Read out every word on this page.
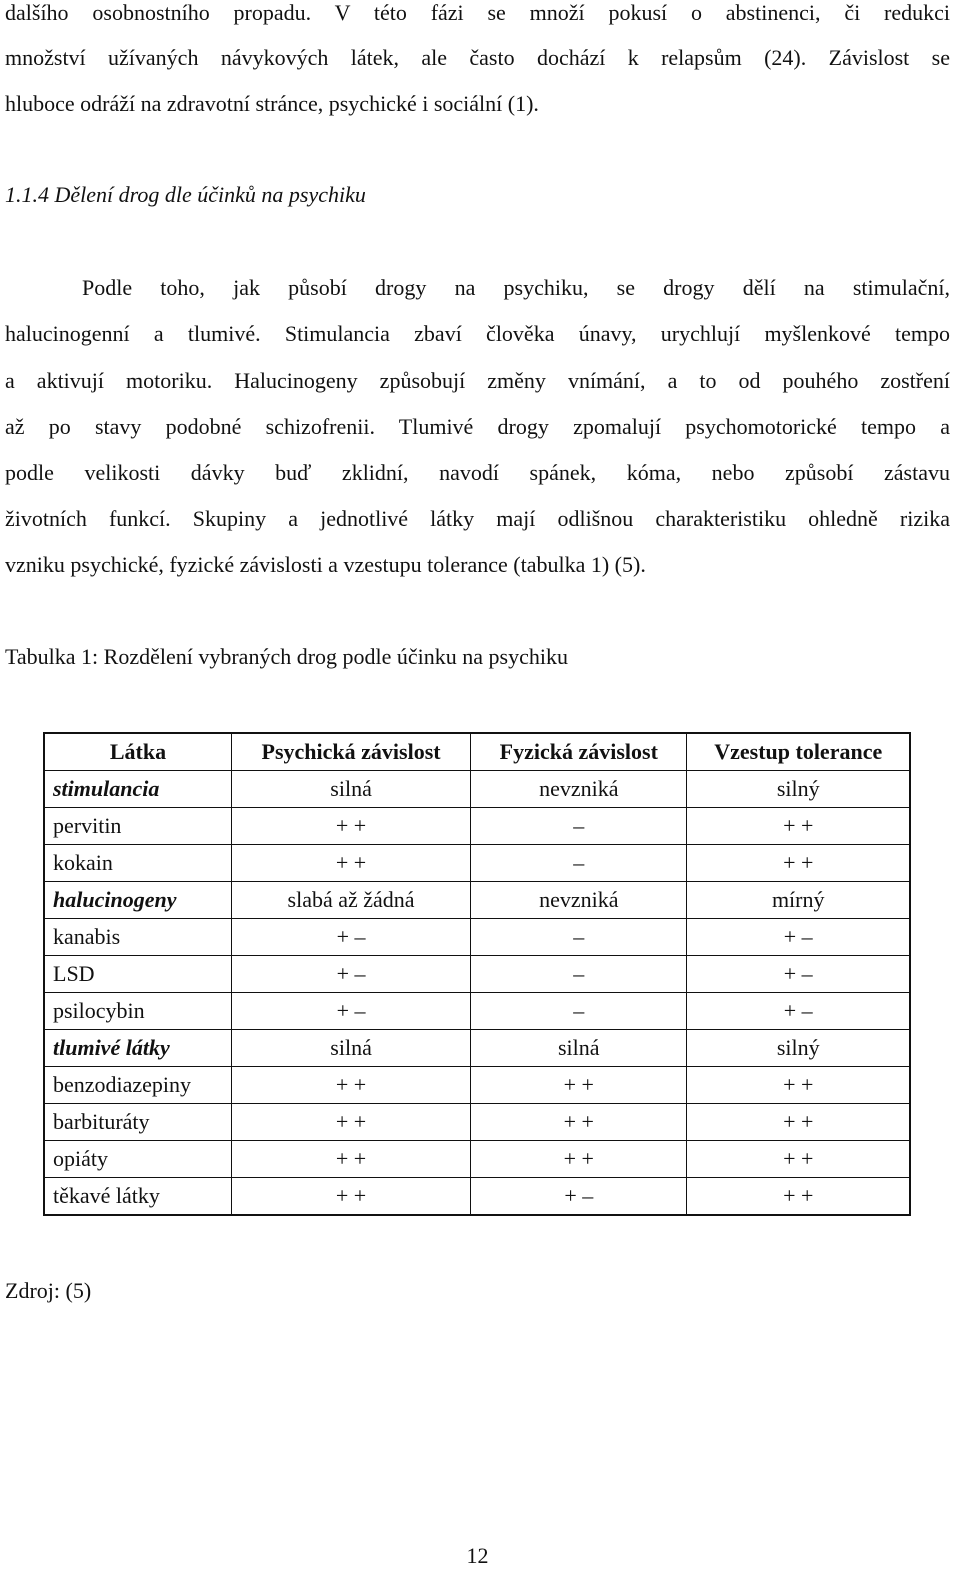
dalšího osobnostního propadu. V této fázi se množí pokusí o abstinenci, či redukci
množství užívaných návykových látek, ale často dochází k relapsům (24). Závislost se
hluboce odráží na zdravotní stránce, psychické i sociální (1).
1.1.4 Dělení drog dle účinků na psychiku
Podle toho, jak působí drogy na psychiku, se drogy dělí na stimulační,
halucinogenní a tlumivé. Stimulancia zbaví člověka únavy, urychlují myšlenkové tempo
a aktivují motoriku. Halucinogeny způsobují změny vnímání, a to od pouhého zostření
až po stavy podobné schizofrenii. Tlumivé drogy zpomalují psychomotorické tempo a
podle velikosti dávky buď zklidní, navodí spánek, kóma, nebo způsobí zástavu
životních funkcí. Skupiny a jednotlivé látky mají odlišnou charakteristiku ohledně rizika
vzniku psychické, fyzické závislosti a vzestupu tolerance (tabulka 1) (5).
Tabulka 1: Rozdělení vybraných drog podle účinku na psychiku
Látka	Psychická závislost	Fyzická závislost	Vzestup tolerance
stimulancia	silná	nevzniká	silný
pervitin	+ +	–	+ +
kokain	+ +	–	+ +
halucinogeny	slabá až žádná	nevzniká	mírný
kanabis	+ –	–	+ –
LSD	+ –	–	+ –
psilocybin	+ –	–	+ –
tlumivé látky	silná	silná	silný
benzodiazepiny	+ +	+ +	+ +
barbituráty	+ +	+ +	+ +
opiáty	+ +	+ +	+ +
těkavé látky	+ +	+ –	+ +
Zdroj: (5)
12
